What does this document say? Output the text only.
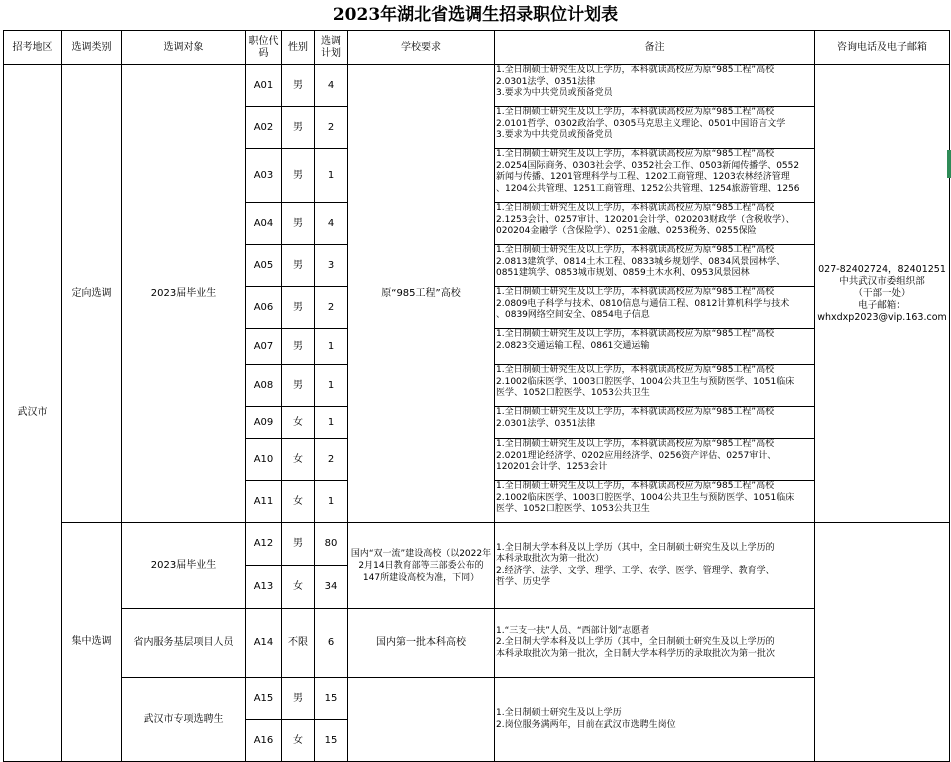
2023年湖北省选调生招录职位计划表
招考地区	选调类别	选调对象	职位代码	性别	选调计划	学校要求	备注	咨询电话及电子邮箱
武汉市	定向选调	2023届毕业生	A01	男	4	原“985工程”高校	1.全日制硕士研究生及以上学历，本科就读高校应为原“985工程”高校
2.0301法学、0351法律
3.要求为中共党员或预备党员	027-82402724，82401251
中共武汉市委组织部
（干部一处）
电子邮箱：
whxdxp2023@vip.163.com

			A02	男	2		1.全日制硕士研究生及以上学历，本科就读高校应为原“985工程”高校
2.0101哲学、0302政治学、0305马克思主义理论、0501中国语言文学
3.要求为中共党员或预备党员	

			A03	男	1		1.全日制硕士研究生及以上学历，本科就读高校应为原“985工程”高校
2.0254国际商务、0303社会学、0352社会工作、0503新闻传播学、0552
新闻与传播、1201管理科学与工程、1202工商管理、1203农林经济管理
、1204公共管理、1251工商管理、1252公共管理、1254旅游管理、1256	

			A04	男	4		1.全日制硕士研究生及以上学历，本科就读高校应为原“985工程”高校
2.1253会计、0257审计、120201会计学、020203财政学（含税收学）、
020204金融学（含保险学）、0251金融、0253税务、0255保险	

			A05	男	3		1.全日制硕士研究生及以上学历，本科就读高校应为原“985工程”高校
2.0813建筑学、0814土木工程、0833城乡规划学、0834风景园林学、
0851建筑学、0853城市规划、0859土木水利、0953风景园林	

			A06	男	2		1.全日制硕士研究生及以上学历，本科就读高校应为原“985工程”高校
2.0809电子科学与技术、0810信息与通信工程、0812计算机科学与技术
、0839网络空间安全、0854电子信息	

			A07	男	1		1.全日制硕士研究生及以上学历，本科就读高校应为原“985工程”高校
2.0823交通运输工程、0861交通运输	

			A08	男	1		1.全日制硕士研究生及以上学历，本科就读高校应为原“985工程”高校
2.1002临床医学、1003口腔医学、1004公共卫生与预防医学、1051临床
医学、1052口腔医学、1053公共卫生	

			A09	女	1		1.全日制硕士研究生及以上学历，本科就读高校应为原“985工程”高校
2.0301法学、0351法律	

			A10	女	2		1.全日制硕士研究生及以上学历，本科就读高校应为原“985工程”高校
2.0201理论经济学、0202应用经济学、0256资产评估、0257审计、
120201会计学、1253会计	

			A11	女	1		1.全日制硕士研究生及以上学历，本科就读高校应为原“985工程”高校
2.1002临床医学、1003口腔医学、1004公共卫生与预防医学、1051临床
医学、1052口腔医学、1053公共卫生	

	集中选调	2023届毕业生	A12	男	80	国内“双一流”建设高校（以2022年2月14日教育部等三部委公布的147所建设高校为准，下同）	1.全日制大学本科及以上学历（其中，全日制硕士研究生及以上学历的
本科录取批次为第一批次）
2.经济学、法学、文学、理学、工学、农学、医学、管理学、教育学、
哲学、历史学	

			A13	女	34			
		省内服务基层项目人员	A14	不限	6	国内第一批本科高校	1.“三支一扶”人员、“西部计划”志愿者
2.全日制大学本科及以上学历（其中，全日制硕士研究生及以上学历的
本科录取批次为第一批次，全日制大学本科学历的录取批次为第一批次	

		武汉市专项选聘生	A15	男	15		1.全日制硕士研究生及以上学历
2.岗位服务满两年，目前在武汉市选聘生岗位	

			A16	女	15			
